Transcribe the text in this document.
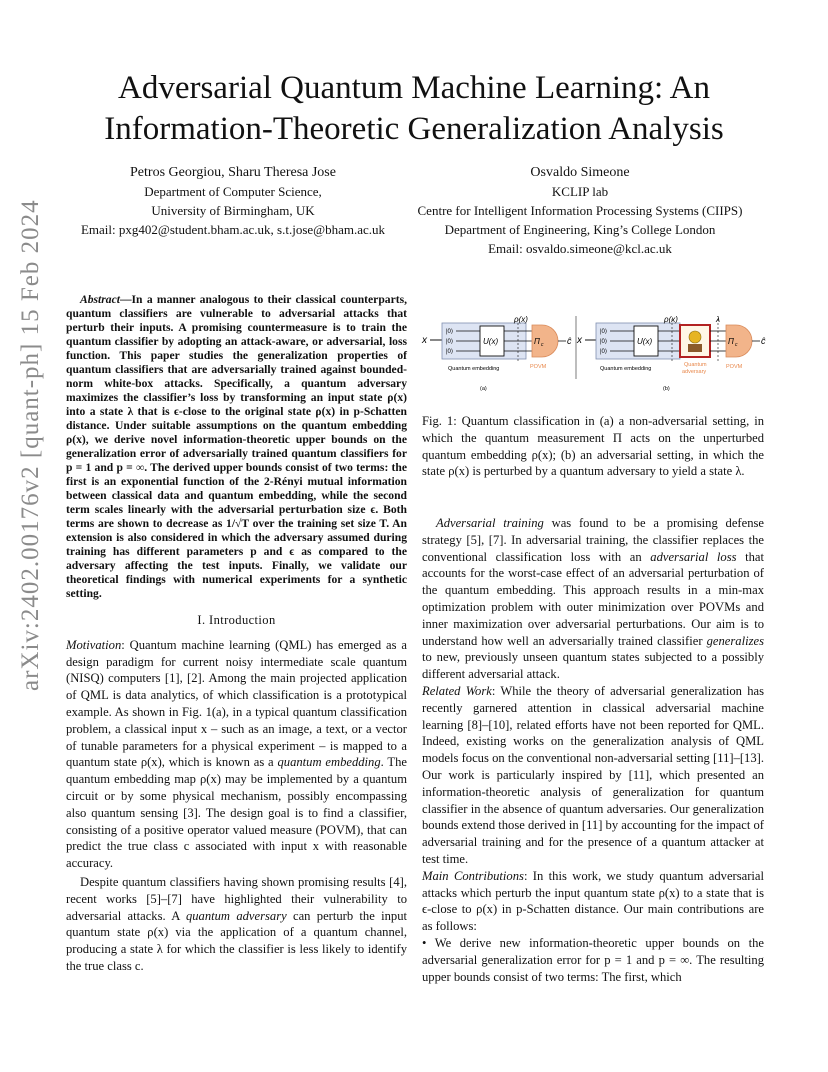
arXiv:2402.00176v2 [quant-ph] 15 Feb 2024
Adversarial Quantum Machine Learning: An
Information-Theoretic Generalization Analysis
Petros Georgiou, Sharu Theresa Jose
Department of Computer Science,
University of Birmingham, UK
Email: pxg402@student.bham.ac.uk, s.t.jose@bham.ac.uk
Osvaldo Simeone
KCLIP lab
Centre for Intelligent Information Processing Systems (CIIPS)
Department of Engineering, King’s College London
Email: osvaldo.simeone@kcl.ac.uk

Abstract—In a manner analogous to their classical counterparts, quantum classifiers are vulnerable to adversarial attacks that perturb their inputs. A promising countermeasure is to train the quantum classifier by adopting an attack-aware, or adversarial, loss function. This paper studies the generalization properties of quantum classifiers that are adversarially trained against bounded-norm white-box attacks. Specifically, a quantum adversary maximizes the classifier’s loss by transforming an input state ρ(x) into a state λ that is ϵ-close to the original state ρ(x) in p-Schatten distance. Under suitable assumptions on the quantum embedding ρ(x), we derive novel information-theoretic upper bounds on the generalization error of adversarially trained quantum classifiers for p = 1 and p = ∞. The derived upper bounds consist of two terms: the first is an exponential function of the 2-Rényi mutual information between classical data and quantum embedding, while the second term scales linearly with the adversarial perturbation size ϵ. Both terms are shown to decrease as 1/√T over the training set size T. An extension is also considered in which the adversary assumed during training has different parameters p and ϵ as compared to the adversary affecting the test inputs. Finally, we validate our theoretical findings with numerical experiments for a synthetic setting.

I. Introduction

Motivation: Quantum machine learning (QML) has emerged as a design paradigm for current noisy intermediate scale quantum (NISQ) computers [1], [2]. Among the main projected application of QML is data analytics, of which classification is a prototypical example. As shown in Fig. 1(a), in a typical quantum classification problem, a classical input x – such as an image, a text, or a vector of tunable parameters for a physical experiment – is mapped to a quantum state ρ(x), which is known as a quantum embedding. The quantum embedding map ρ(x) may be implemented by a quantum circuit or by some physical mechanism, possibly encompassing also quantum sensing [3]. The design goal is to find a classifier, consisting of a positive operator valued measure (POVM), that can predict the true class c associated with input x with reasonable accuracy.

Despite quantum classifiers having shown promising results [4], recent works [5]–[7] have highlighted their vulnerability to adversarial attacks. A quantum adversary can perturb the input quantum state ρ(x) via the application of a quantum channel, producing a state λ for which the classifier is less likely to identify the true class c.

x
|0⟩
|0⟩
|0⟩
U(x)
ρ(x)
Π c	ĉ
Quantum embedding	POVM
(a)
x
|0⟩
|0⟩
|0⟩
U(x)
ρ(x)	λ
Π c	ĉ
Quantum embedding
Quantum
adversary
POVM
(b)
Fig. 1: Quantum classification in (a) a non-adversarial setting, in which the quantum measurement Π acts on the unperturbed quantum embedding ρ(x); (b) an adversarial setting, in which the state ρ(x) is perturbed by a quantum adversary to yield a state λ.

Adversarial training was found to be a promising defense strategy [5], [7]. In adversarial training, the classifier replaces the conventional classification loss with an adversarial loss that accounts for the worst-case effect of an adversarial perturbation of the quantum embedding. This approach results in a min-max optimization problem with outer minimization over POVMs and inner maximization over adversarial perturbations. Our aim is to understand how well an adversarially trained classifier generalizes to new, previously unseen quantum states subjected to a possibly different adversarial attack.

Related Work: While the theory of adversarial generalization has recently garnered attention in classical adversarial machine learning [8]–[10], related efforts have not been reported for QML. Indeed, existing works on the generalization analysis of QML models focus on the conventional non-adversarial setting [11]–[13]. Our work is particularly inspired by [11], which presented an information-theoretic analysis of generalization for quantum classifier in the absence of quantum adversaries. Our generalization bounds extend those derived in [11] by accounting for the impact of adversarial training and for the presence of a quantum attacker at test time.

Main Contributions: In this work, we study quantum adversarial attacks which perturb the input quantum state ρ(x) to a state that is ϵ-close to ρ(x) in p-Schatten distance. Our main contributions are as follows:

• We derive new information-theoretic upper bounds on the adversarial generalization error for p = 1 and p = ∞. The resulting upper bounds consist of two terms: The first, which
